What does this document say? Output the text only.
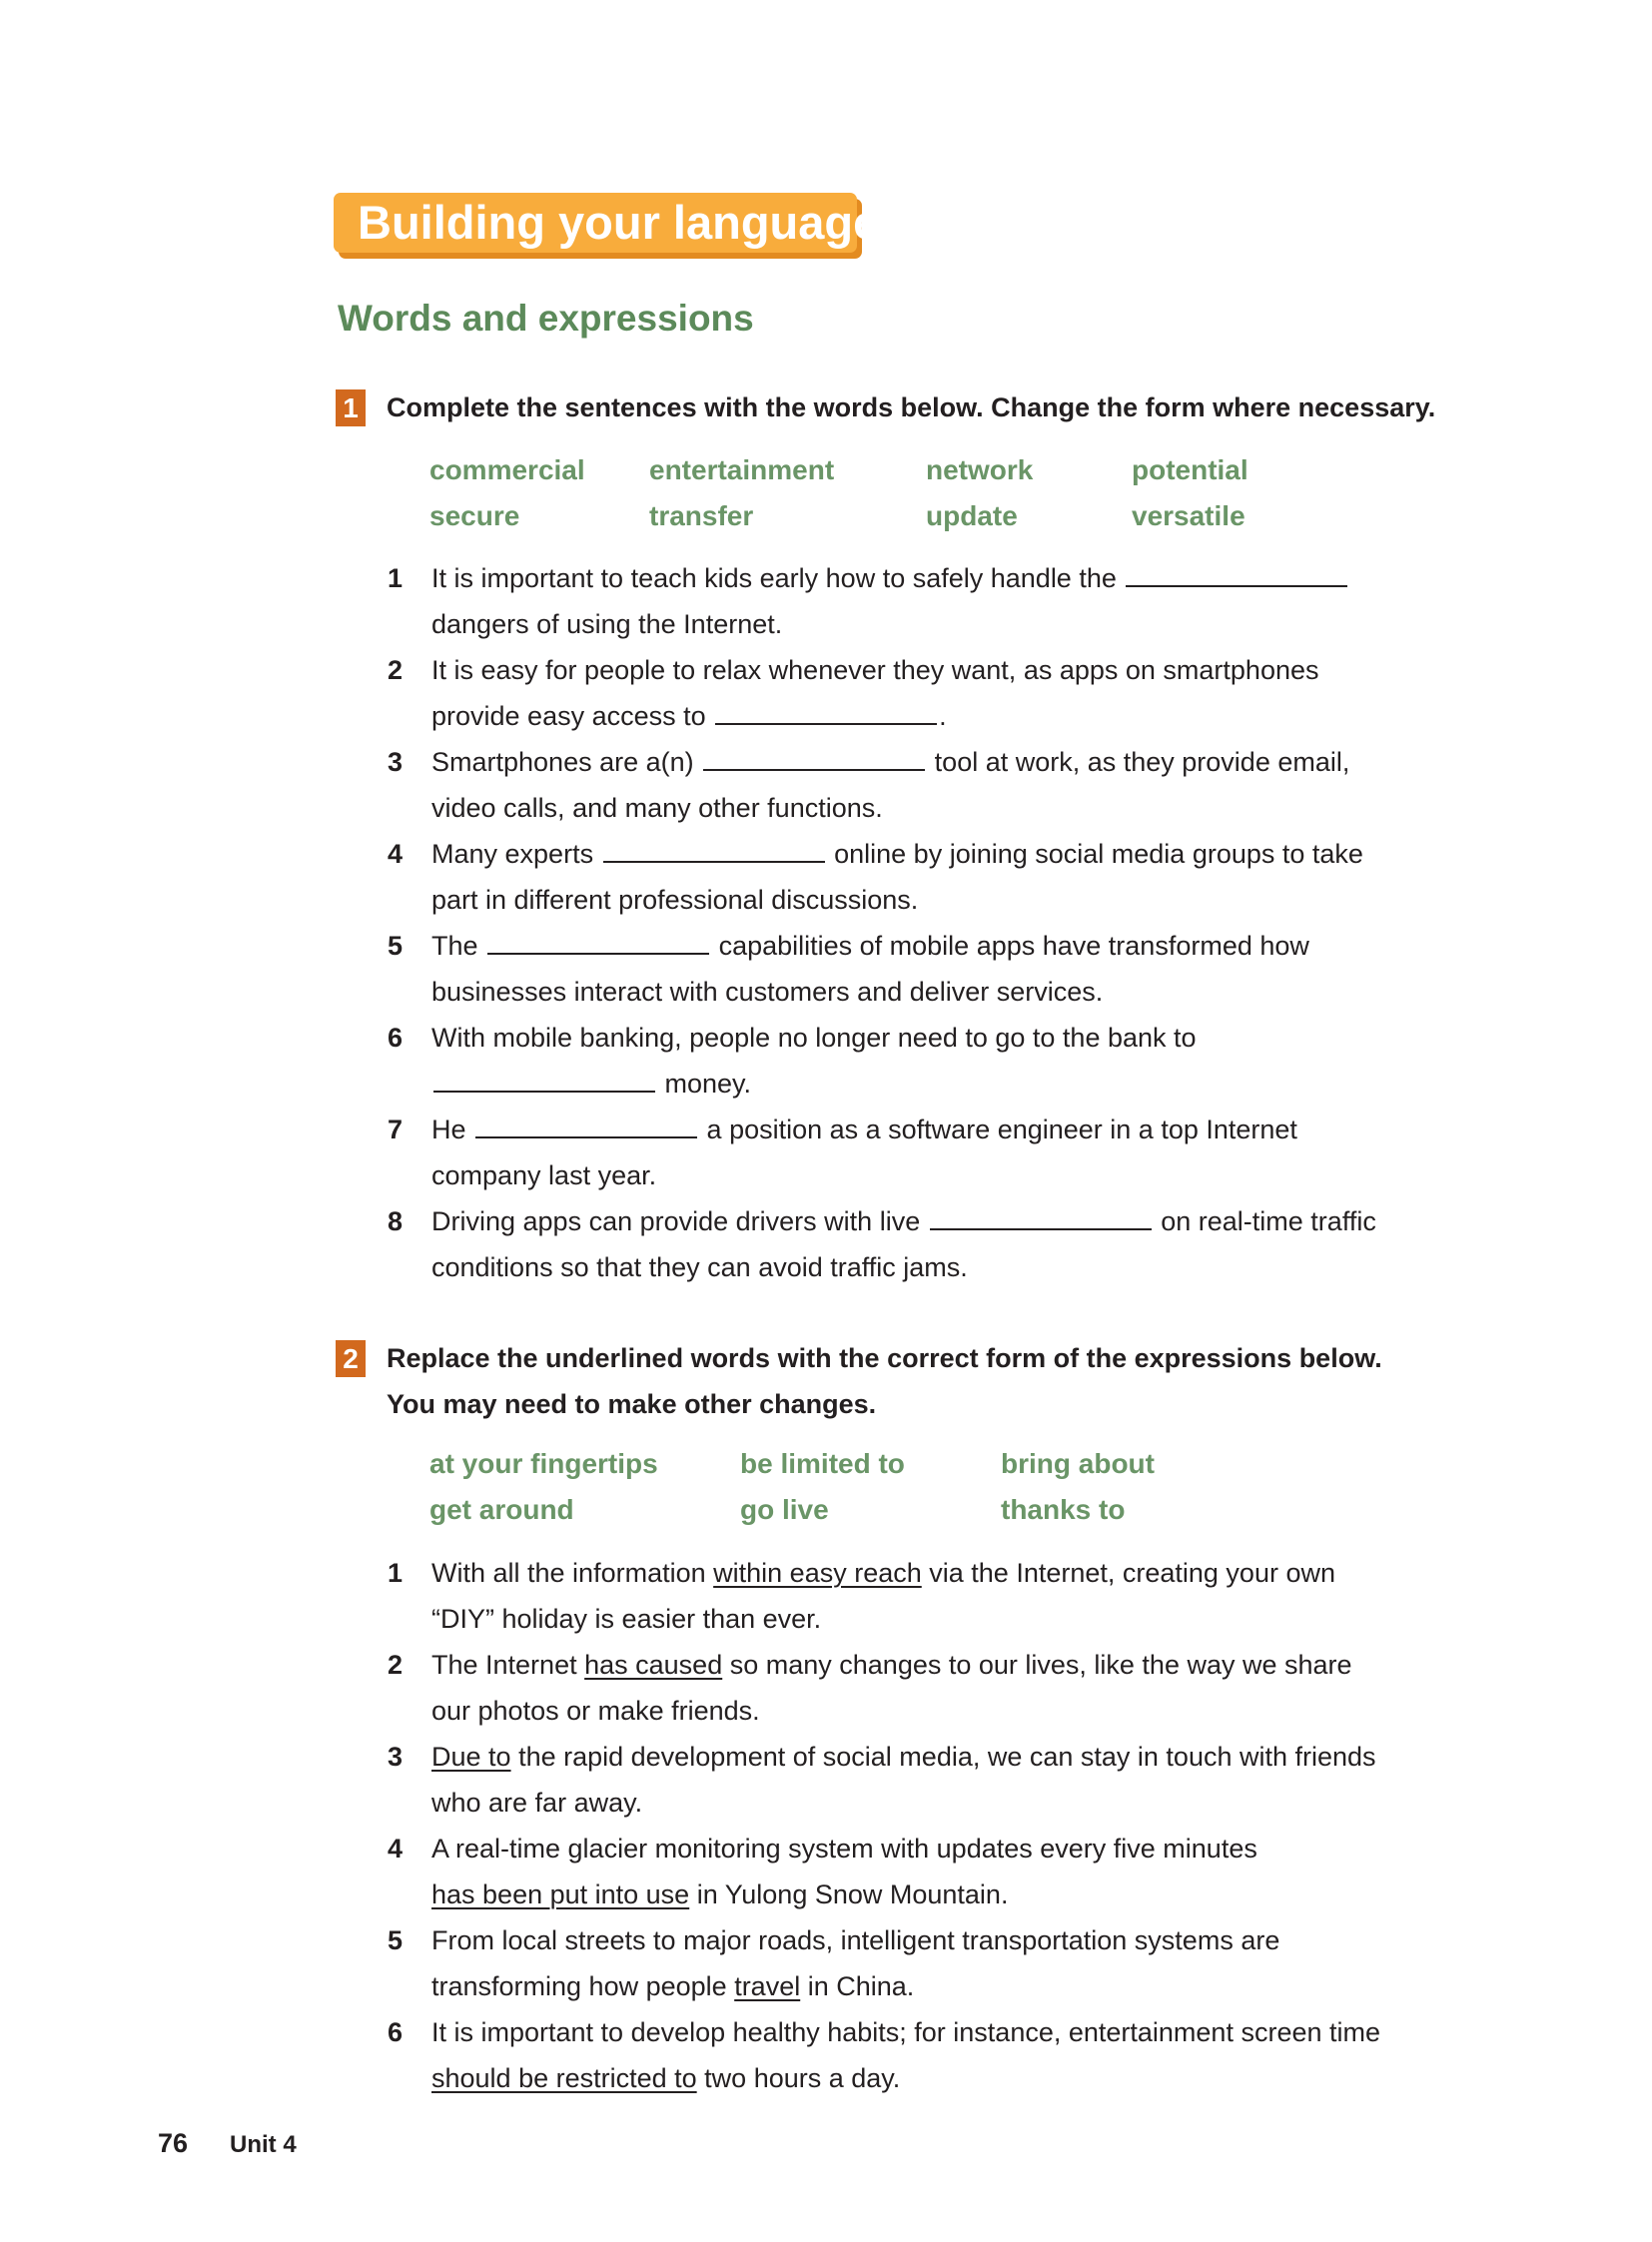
Building your language
Words and expressions
1 Complete the sentences with the words below. Change the form where necessary.
commercial	entertainment	network	potential
secure	transfer	update	versatile
1 It is important to teach kids early how to safely handle the  dangers of using the Internet.
2 It is easy for people to relax whenever they want, as apps on smartphones provide easy access to	.
3 Smartphones are a(n)	tool at work, as they provide email, video calls, and many other functions.
4 Many experts	online by joining social media groups to take part in different professional discussions.
5 The	capabilities of mobile apps have transformed how businesses interact with customers and deliver services.
6 With mobile banking, people no longer need to go to the bank to
money.
7 He	a position as a software engineer in a top Internet company last year.
8 Driving apps can provide drivers with live	on real-time traffic conditions so that they can avoid traffic jams.
2 Replace the underlined words with the correct form of the expressions below.
You may need to make other changes.
at your fingertips	be limited to	bring about
get around	go live	thanks to
1 With all the information within easy reach via the Internet, creating your own “DIY” holiday is easier than ever.
2 The Internet has caused so many changes to our lives, like the way we share our photos or make friends.
3 Due to the rapid development of social media, we can stay in touch with friends who are far away.
4 A real-time glacier monitoring system with updates every five minutes
has been put into use in Yulong Snow Mountain.
5 From local streets to major roads, intelligent transportation systems are transforming how people travel in China.
6 It is important to develop healthy habits; for instance, entertainment screen time should be restricted to two hours a day.
76 Unit 4
